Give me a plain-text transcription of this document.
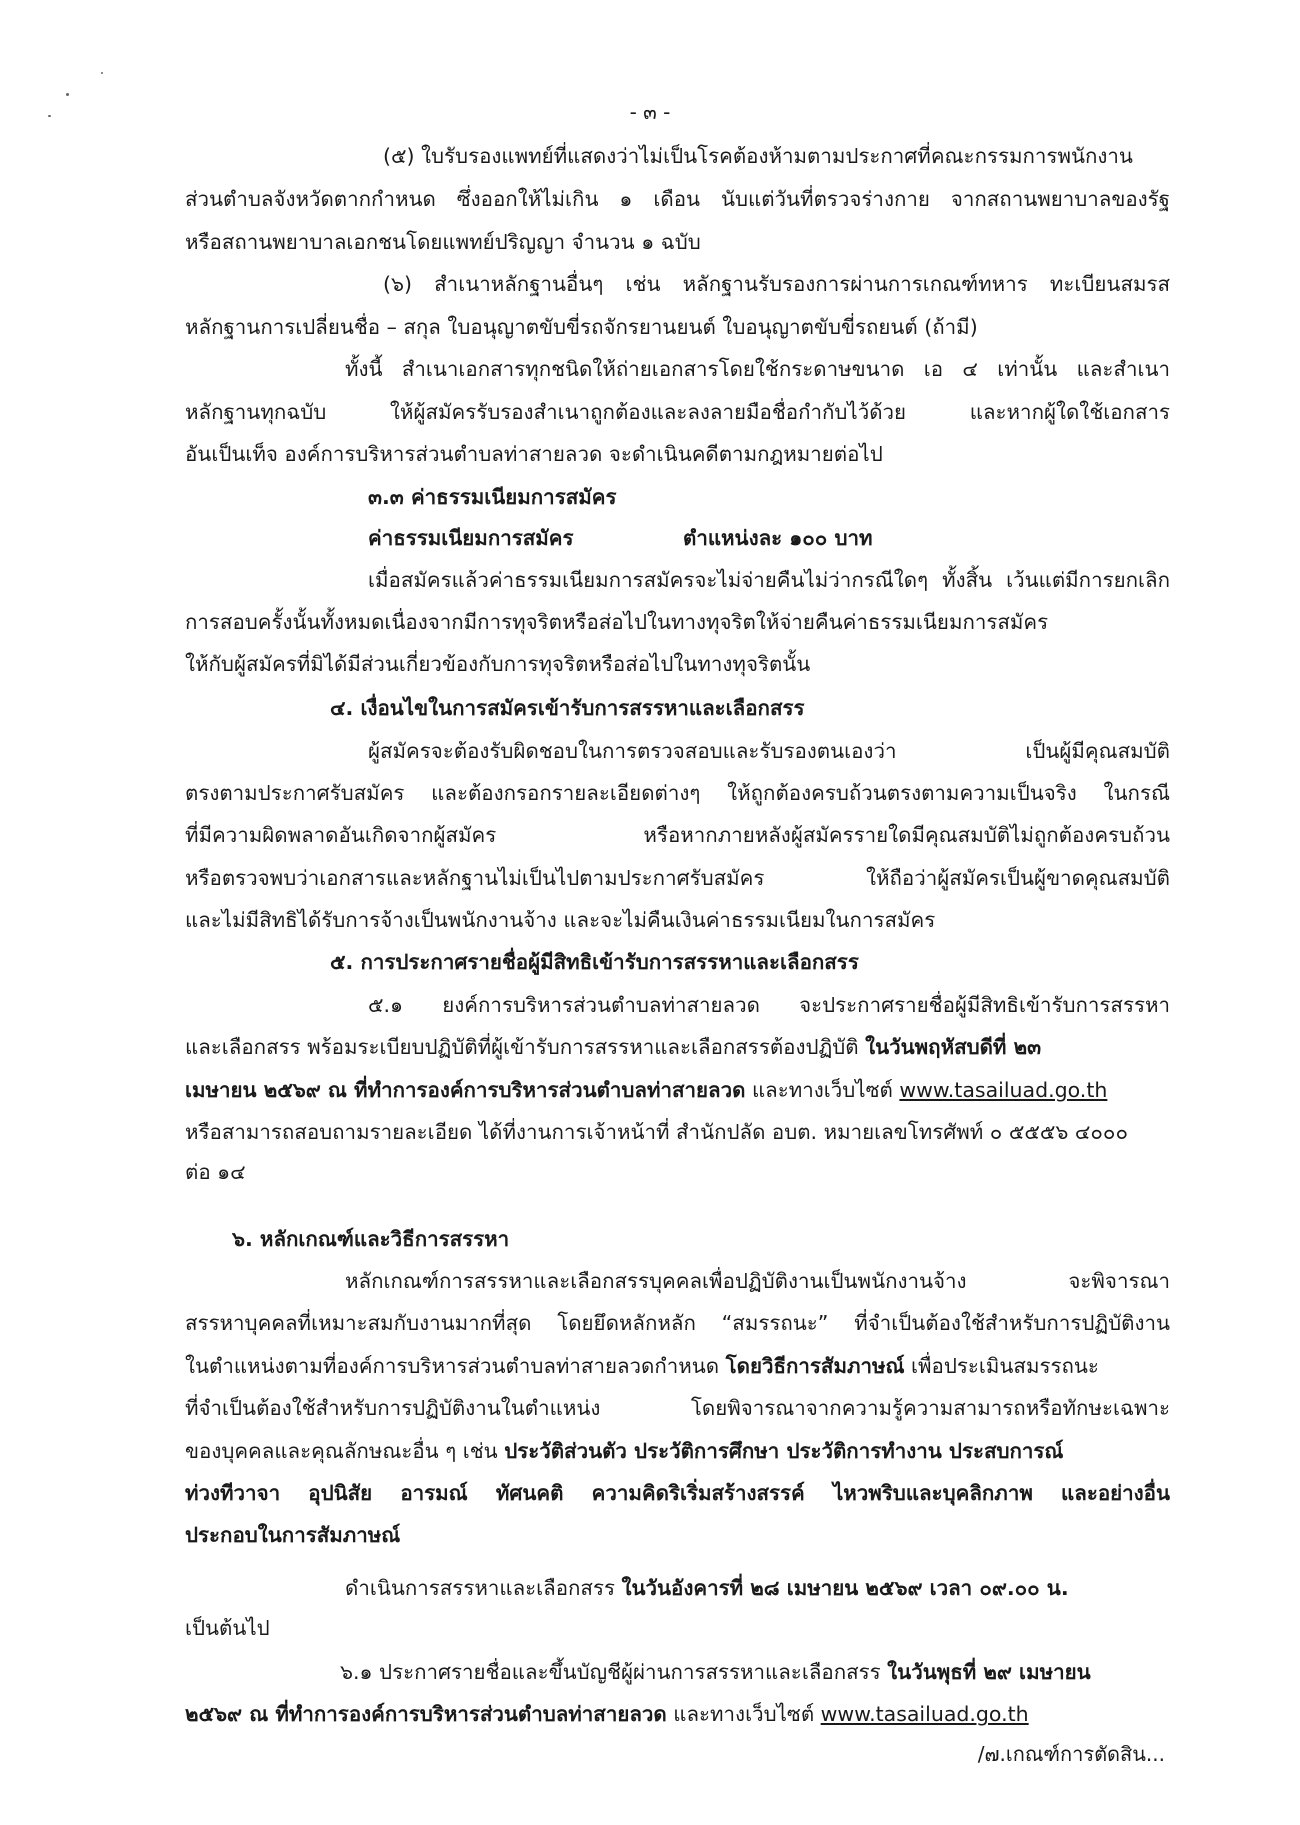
- ๓ -
(๕) ใบรับรองแพทย์ที่แสดงว่าไม่เป็นโรคต้องห้ามตามประกาศที่คณะกรรมการพนักงาน
ส่วนตำบลจังหวัดตากกำหนด ซึ่งออกให้ไม่เกิน ๑ เดือน นับแต่วันที่ตรวจร่างกาย จากสถานพยาบาลของรัฐ
หรือสถานพยาบาลเอกชนโดยแพทย์ปริญญา จำนวน ๑ ฉบับ
(๖) สำเนาหลักฐานอื่นๆ เช่น หลักฐานรับรองการผ่านการเกณฑ์ทหาร ทะเบียนสมรส
หลักฐานการเปลี่ยนชื่อ – สกุล ใบอนุญาตขับขี่รถจักรยานยนต์ ใบอนุญาตขับขี่รถยนต์ (ถ้ามี)
ทั้งนี้ สำเนาเอกสารทุกชนิดให้ถ่ายเอกสารโดยใช้กระดาษขนาด เอ ๔ เท่านั้น และสำเนา
หลักฐานทุกฉบับ ให้ผู้สมัครรับรองสำเนาถูกต้องและลงลายมือชื่อกำกับไว้ด้วย และหากผู้ใดใช้เอกสาร
อันเป็นเท็จ องค์การบริหารส่วนตำบลท่าสายลวด จะดำเนินคดีตามกฎหมายต่อไป
๓.๓ ค่าธรรมเนียมการสมัคร
ค่าธรรมเนียมการสมัคร	ตำแหน่งละ ๑๐๐ บาท
เมื่อสมัครแล้วค่าธรรมเนียมการสมัครจะไม่จ่ายคืนไม่ว่ากรณีใดๆ ทั้งสิ้น เว้นแต่มีการยกเลิก
การสอบครั้งนั้นทั้งหมดเนื่องจากมีการทุจริตหรือส่อไปในทางทุจริตให้จ่ายคืนค่าธรรมเนียมการสมัคร
ให้กับผู้สมัครที่มิได้มีส่วนเกี่ยวข้องกับการทุจริตหรือส่อไปในทางทุจริตนั้น
๔. เงื่อนไขในการสมัครเข้ารับการสรรหาและเลือกสรร
ผู้สมัครจะต้องรับผิดชอบในการตรวจสอบและรับรองตนเองว่า เป็นผู้มีคุณสมบัติ
ตรงตามประกาศรับสมัคร และต้องกรอกรายละเอียดต่างๆ ให้ถูกต้องครบถ้วนตรงตามความเป็นจริง ในกรณี
ที่มีความผิดพลาดอันเกิดจากผู้สมัคร หรือหากภายหลังผู้สมัครรายใดมีคุณสมบัติไม่ถูกต้องครบถ้วน
หรือตรวจพบว่าเอกสารและหลักฐานไม่เป็นไปตามประกาศรับสมัคร ให้ถือว่าผู้สมัครเป็นผู้ขาดคุณสมบัติ
และไม่มีสิทธิได้รับการจ้างเป็นพนักงานจ้าง และจะไม่คืนเงินค่าธรรมเนียมในการสมัคร
๕. การประกาศรายชื่อผู้มีสิทธิเข้ารับการสรรหาและเลือกสรร
๕.๑ ยงค์การบริหารส่วนตำบลท่าสายลวด จะประกาศรายชื่อผู้มีสิทธิเข้ารับการสรรหา
และเลือกสรร พร้อมระเบียบปฏิบัติที่ผู้เข้ารับการสรรหาและเลือกสรรต้องปฏิบัติ ในวันพฤหัสบดีที่ ๒๓
เมษายน ๒๕๖๙ ณ ที่ทำการองค์การบริหารส่วนตำบลท่าสายลวด และทางเว็บไซต์ www.tasailuad.go.th
หรือสามารถสอบถามรายละเอียด ได้ที่งานการเจ้าหน้าที่ สำนักปลัด อบต. หมายเลขโทรศัพท์ ๐ ๕๕๕๖ ๔๐๐๐
ต่อ ๑๔
๖. หลักเกณฑ์และวิธีการสรรหา
หลักเกณฑ์การสรรหาและเลือกสรรบุคคลเพื่อปฏิบัติงานเป็นพนักงานจ้าง จะพิจารณา
สรรหาบุคคลที่เหมาะสมกับงานมากที่สุด โดยยึดหลักหลัก “สมรรถนะ” ที่จำเป็นต้องใช้สำหรับการปฏิบัติงาน
ในตำแหน่งตามที่องค์การบริหารส่วนตำบลท่าสายลวดกำหนด โดยวิธีการสัมภาษณ์ เพื่อประเมินสมรรถนะ
ที่จำเป็นต้องใช้สำหรับการปฏิบัติงานในตำแหน่ง โดยพิจารณาจากความรู้ความสามารถหรือทักษะเฉพาะ
ของบุคคลและคุณลักษณะอื่น ๆ เช่น ประวัติส่วนตัว ประวัติการศึกษา ประวัติการทำงาน ประสบการณ์
ท่วงทีวาจา อุปนิสัย อารมณ์ ทัศนคติ ความคิดริเริ่มสร้างสรรค์ ไหวพริบและบุคลิกภาพ และอย่างอื่น
ประกอบในการสัมภาษณ์
ดำเนินการสรรหาและเลือกสรร ในวันอังคารที่ ๒๘ เมษายน ๒๕๖๙ เวลา ๐๙.๐๐ น.
เป็นต้นไป
๖.๑ ประกาศรายชื่อและขึ้นบัญชีผู้ผ่านการสรรหาและเลือกสรร ในวันพุธที่ ๒๙ เมษายน
๒๕๖๙ ณ ที่ทำการองค์การบริหารส่วนตำบลท่าสายลวด และทางเว็บไซต์ www.tasailuad.go.th
/๗.เกณฑ์การตัดสิน...
